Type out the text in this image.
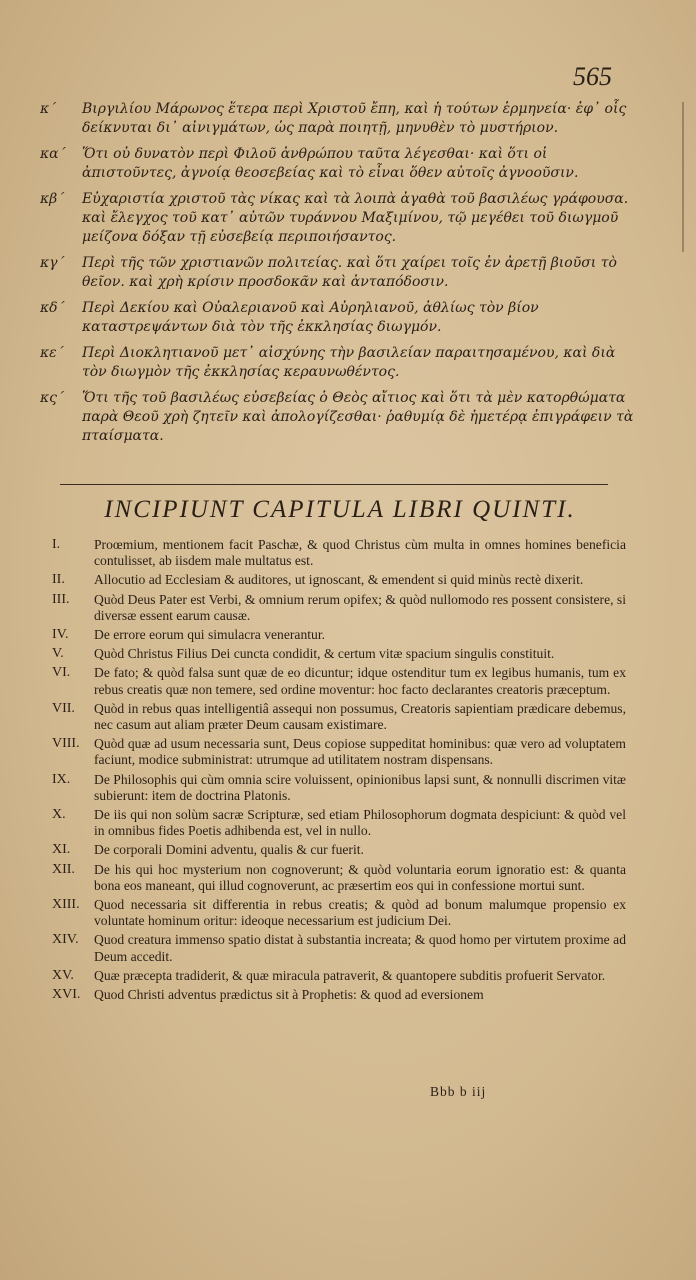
565
κ΄	Βιργιλίου Μάρωνος ἕτερα περὶ Χριστοῦ ἔπη, καὶ ἡ τούτων ἑρμηνεία· ἐφ᾽ οἷς δείκνυται δι᾽ αἰνιγμάτων, ὡς παρὰ ποιητῇ, μηνυθὲν τὸ μυστήριον.
κα΄	Ὅτι οὐ δυνατὸν περὶ Φιλοῦ ἀνθρώπου ταῦτα λέγεσθαι· καὶ ὅτι οἱ ἀπιστοῦντες, ἀγνοίᾳ θεοσεβείας καὶ τὸ εἶναι ὅθεν αὐτοῖς ἀγνοοῦσιν.
κβ΄	Εὐχαριστία χριστοῦ τὰς νίκας καὶ τὰ λοιπὰ ἀγαθὰ τοῦ βασιλέως γράφουσα. καὶ ἔλεγχος τοῦ κατ᾽ αὐτῶν τυράννου Μαξιμίνου, τῷ μεγέθει τοῦ διωγμοῦ μείζονα δόξαν τῇ εὐσεβείᾳ περιποιήσαντος.
κγ΄	Περὶ τῆς τῶν χριστιανῶν πολιτείας. καὶ ὅτι χαίρει τοῖς ἐν ἀρετῇ βιοῦσι τὸ θεῖον. καὶ χρὴ κρίσιν προσδοκᾶν καὶ ἀνταπόδοσιν.
κδ΄	Περὶ Δεκίου καὶ Οὐαλεριανοῦ καὶ Αὐρηλιανοῦ, ἀθλίως τὸν βίον καταστρεψάντων διὰ τὸν τῆς ἐκκλησίας διωγμόν.
κε΄	Περὶ Διοκλητιανοῦ μετ᾽ αἰσχύνης τὴν βασιλείαν παραιτησαμένου, καὶ διὰ τὸν διωγμὸν τῆς ἐκκλησίας κεραυνωθέντος.
κς΄	Ὅτι τῆς τοῦ βασιλέως εὐσεβείας ὁ Θεὸς αἴτιος καὶ ὅτι τὰ μὲν κατορθώματα παρὰ Θεοῦ χρὴ ζητεῖν καὶ ἀπολογίζεσθαι· ῥαθυμίᾳ δὲ ἡμετέρᾳ ἐπιγράφειν τὰ πταίσματα.
INCIPIUNT CAPITULA LIBRI QUINTI.
I.	Proœmium, mentionem facit Paschæ, & quod Christus cùm multa in omnes homines beneficia contulisset, ab iisdem male multatus est.
II.	Allocutio ad Ecclesiam & auditores, ut ignoscant, & emendent si quid minùs rectè dixerit.
III.	Quòd Deus Pater est Verbi, & omnium rerum opifex; & quòd nullomodo res possent consistere, si diversæ essent earum causæ.
IV.	De errore eorum qui simulacra venerantur.
V.	Quòd Christus Filius Dei cuncta condidit, & certum vitæ spacium singulis constituit.
VI.	De fato; & quòd falsa sunt quæ de eo dicuntur; idque ostenditur tum ex legibus humanis, tum ex rebus creatis quæ non temere, sed ordine moventur: hoc facto declarantes creatoris præceptum.
VII.	Quòd in rebus quas intelligentiâ assequi non possumus, Creatoris sapientiam prædicare debemus, nec casum aut aliam præter Deum causam existimare.
VIII.	Quòd quæ ad usum necessaria sunt, Deus copiose suppeditat hominibus: quæ vero ad voluptatem faciunt, modice subministrat: utrumque ad utilitatem nostram dispensans.
IX.	De Philosophis qui cùm omnia scire voluissent, opinionibus lapsi sunt, & nonnulli discrimen vitæ subierunt: item de doctrina Platonis.
X.	De iis qui non solùm sacræ Scripturæ, sed etiam Philosophorum dogmata despiciunt: & quòd vel in omnibus fides Poetis adhibenda est, vel in nullo.
XI.	De corporali Domini adventu, qualis & cur fuerit.
XII.	De his qui hoc mysterium non cognoverunt; & quòd voluntaria eorum ignoratio est: & quanta bona eos maneant, qui illud cognoverunt, ac præsertim eos qui in confessione mortui sunt.
XIII.	Quod necessaria sit differentia in rebus creatis; & quòd ad bonum malumque propensio ex voluntate hominum oritur: ideoque necessarium est judicium Dei.
XIV.	Quod creatura immenso spatio distat à substantia increata; & quod homo per virtutem proxime ad Deum accedit.
XV.	Quæ præcepta tradiderit, & quæ miracula patraverit, & quantopere subditis profuerit Servator.
XVI.	Quod Christi adventus prædictus sit à Prophetis: & quod ad eversionem
Bbb b iij
